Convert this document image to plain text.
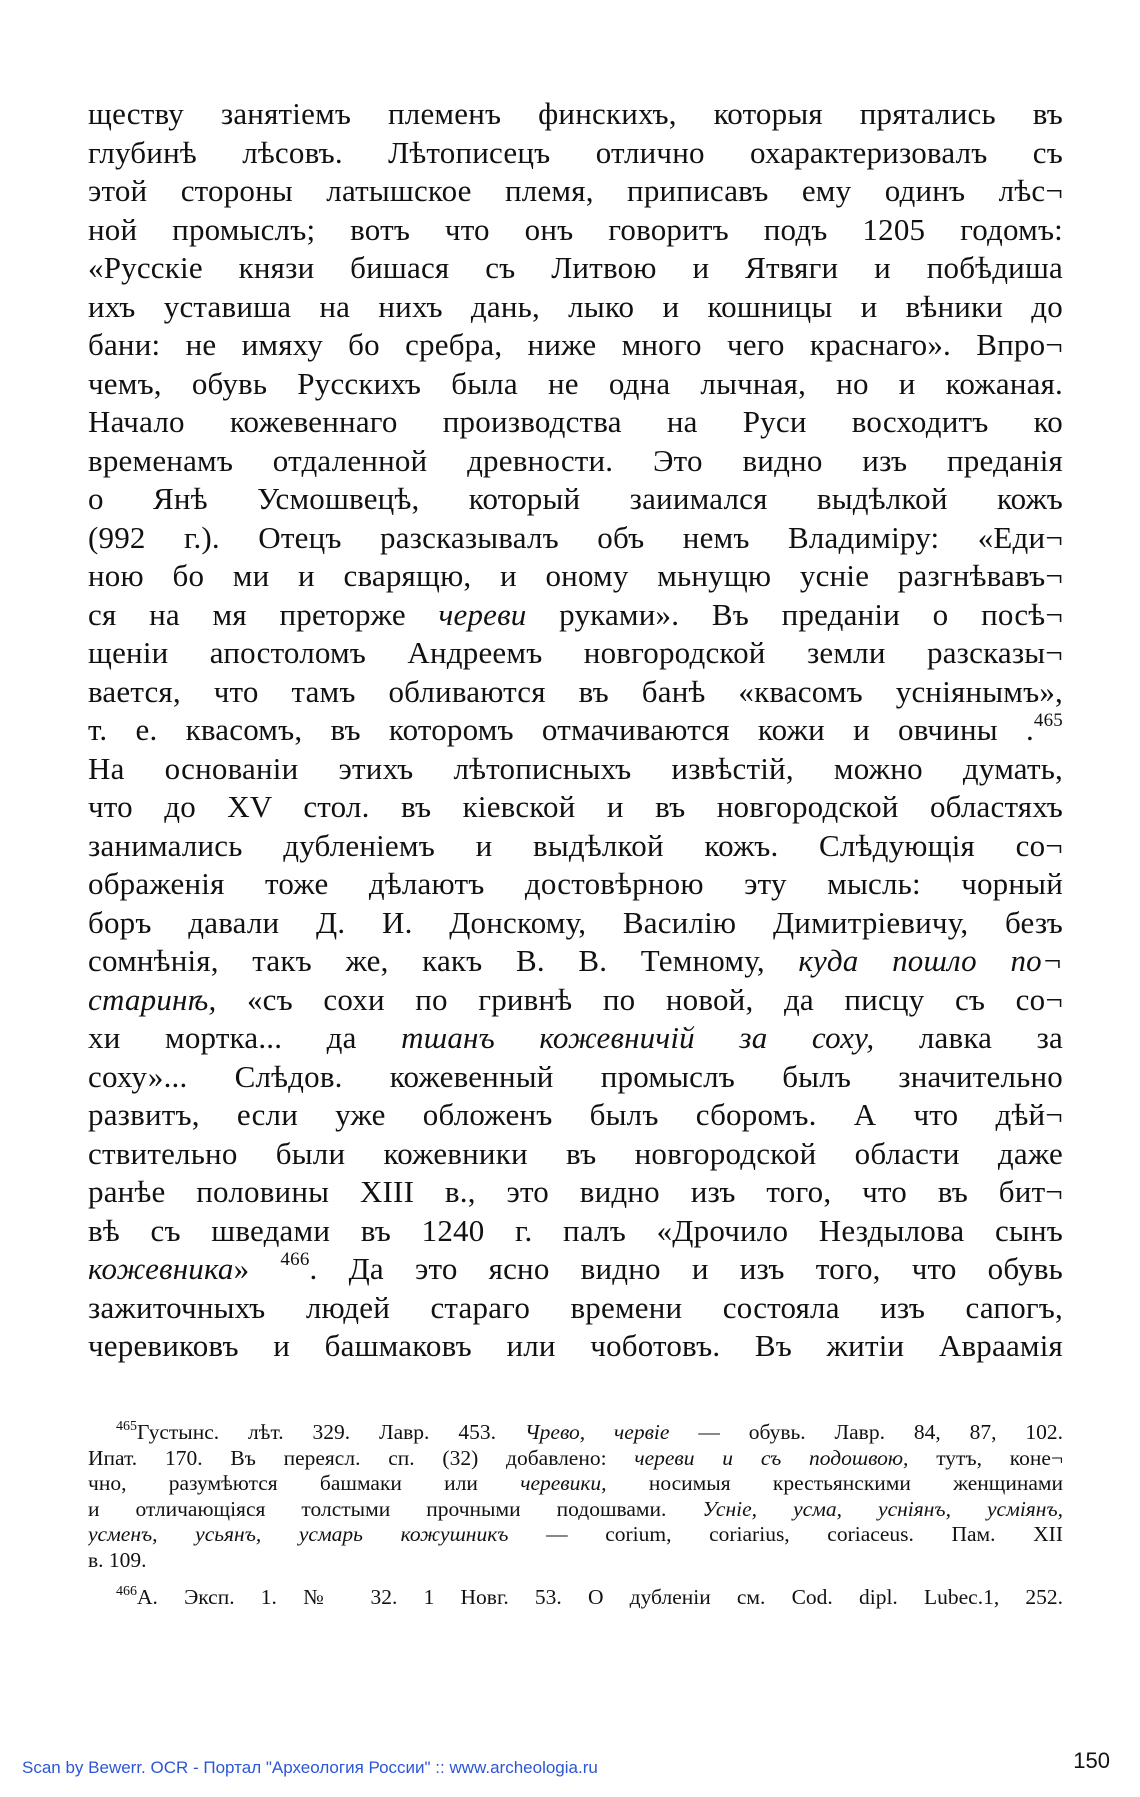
ществу занятіемъ племенъ финскихъ, которыя прятались въ
глубинѣ лѣсовъ. Лѣтописецъ отлично охарактеризовалъ съ
этой стороны латышское племя, приписавъ ему одинъ лѣс¬
ной промыслъ; вотъ что онъ говоритъ подъ 1205 годомъ:
«Русскіе князи бишася съ Литвою и Ятвяги и побѣдиша
ихъ уставиша на нихъ дань, лыко и кошницы и вѣники до
бани: не имяху бо сребра, ниже много чего краснаго». Впро¬
чемъ, обувь Русскихъ была не одна лычная, но и кожаная.
Начало кожевеннаго производства на Руси восходитъ ко
временамъ отдаленной древности. Это видно изъ преданія
о Янѣ Усмошвецѣ, который заиимался выдѣлкой кожъ
(992 г.). Отецъ разсказывалъ объ немъ Владиміру: «Еди¬
ною бо ми и сварящю, и оному мьнущю усніе разгнѣвавъ¬
ся на мя преторже череви руками». Въ преданіи о посѣ¬
щеніи апостоломъ Андреемъ новгородской земли разсказы¬
вается, что тамъ обливаются въ банѣ «квасомъ усніянымъ»,
т. е. квасомъ, въ которомъ отмачиваются кожи и овчины .$^{465}$
На основаніи этихъ лѣтописныхъ извѣстій, можно думать,
что до XV стол. въ кіевской и въ новгородской областяхъ
занимались дубленіемъ и выдѣлкой кожъ. Слѣдующія со¬
ображенія тоже дѣлаютъ достовѣрною эту мысль: чорный
боръ давали Д. И. Донскому, Василію Димитріевичу, безъ
сомнѣнія, такъ же, какъ В. В. Темному, куда пошло по¬
старинѣ, «съ сохи по гривнѣ по новой, да писцу съ со¬
хи мортка... да тшанъ кожевничій за сохy, лавка за
соху»... Слѣдов. кожевенный промыслъ былъ значительно
развитъ, если уже обложенъ былъ сборомъ. А что дѣй¬
ствительно были кожевники въ новгородской области даже
ранѣе половины XIII в., это видно изъ того, что въ бит¬
вѣ съ шведами въ 1240 г. палъ «Дрочило Нездылова сынъ
кожевника» $^{466}$. Да это ясно видно и изъ того, что обувь
зажиточныхъ людей стараго времени состояла изъ сапогъ,
черевиковъ и башмаковъ или чоботовъ. Въ житіи Авраамія
$^{465}$Густынс. лѣт. 329. Лавр. 453. Чрево, червіе — обувь. Лавр. 84, 87, 102.
Ипат. 170. Въ переясл. сп. (32) добавлено: череви и съ подошвою, тутъ, коне¬
чно, разумѣются башмаки или черевики, носимыя крестьянскими женщинами
и отличающіяся толстыми прочными подошвами. Усніе, усма, усніянъ, усміянъ,
усменъ, усьянъ, усмарь кожушникъ — corium, coriarius, coriaceus. Пам. XII
в. 109.
$^{466}$А. Эксп. 1. № 32. 1 Новг. 53. О дубленіи см. Cod. dipl. Lubec.1, 252.
Scan by Bewerr. OCR - Портал "Археология России" :: www.archeologia.ru	150
